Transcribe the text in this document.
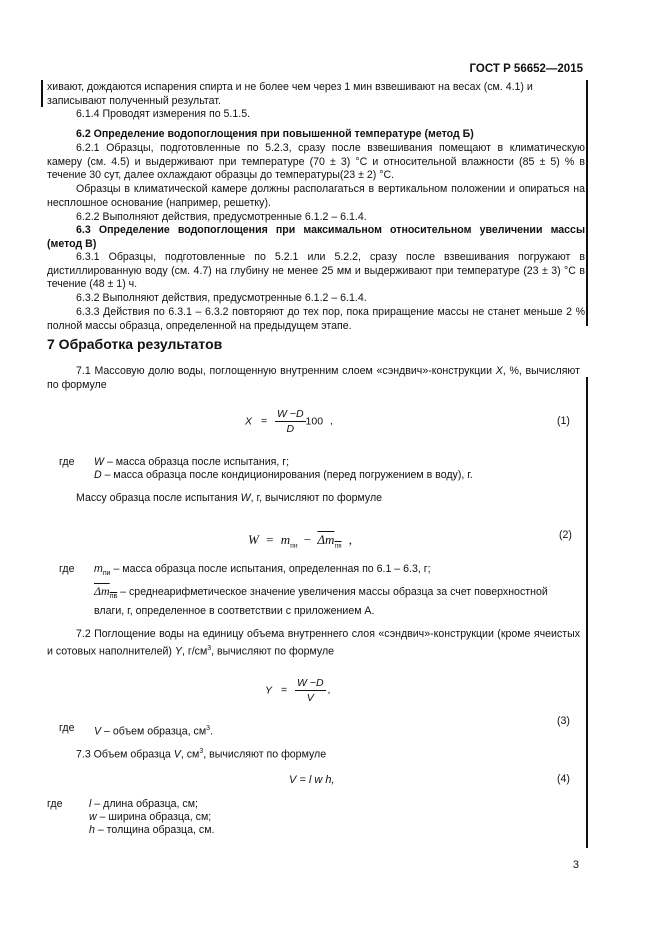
ГОСТ Р 56652—2015
хивают, дождаются испарения спирта и не более чем через 1 мин взвешивают на весах (см. 4.1) и
записывают полученный результат.
6.1.4 Проводят измерения по 5.1.5.
6.2 Определение водопоглощения при повышенной температуре (метод Б)
6.2.1 Образцы, подготовленные по 5.2.3, сразу после взвешивания помещают в климатическую камеру (см. 4.5) и выдерживают при температуре (70 ± 3) °С и относительной влажности (85 ± 5) % в течение 30 сут, далее охлаждают образцы до температуры(23 ± 2) °С.
Образцы в климатической камере должны располагаться в вертикальном положении и опираться на несплошное основание (например, решетку).
6.2.2 Выполняют действия, предусмотренные 6.1.2 – 6.1.4.
6.3 Определение водопоглощения при максимальном относительном увеличении массы (метод В)
6.3.1 Образцы, подготовленные по 5.2.1 или 5.2.2, сразу после взвешивания погружают в дистиллированную воду (см. 4.7) на глубину не менее 25 мм и выдерживают при температуре (23 ± 3) °С в течение (48 ± 1) ч.
6.3.2 Выполняют действия, предусмотренные 6.1.2 – 6.1.4.
6.3.3 Действия по 6.3.1 – 6.3.2 повторяют до тех пор, пока приращение массы не станет меньше 2 % полной массы образца, определенной на предыдущем этапе.
7 Обработка результатов
7.1 Массовую долю воды, поглощенную внутренним слоем «сэндвич»-конструкции X, %, вычисляют по формуле
$X = \frac{W -D}{D} 100$ ,	(1)
где W – масса образца после испытания, г;
D – масса образца после кондиционирования (перед погружением в воду), г.
Массу образца после испытания W, г, вычисляют по формуле
$W = m_{пи} - \overline{\Delta m}_{пв}$ ,	(2)
где $m_{пи}$ – масса образца после испытания, определенная по 6.1 – 6.3, г;
$\overline{\Delta m}_{пв}$ – среднеарифметическое значение увеличения массы образца за счет поверхностной влаги, г, определенное в соответствии с приложением А.
7.2 Поглощение воды на единицу объема внутреннего слоя «сэндвич»-конструкции (кроме ячеистых и сотовых наполнителей) Y, $г/см^3$, вычисляют по формуле
$Y = \frac{W -D}{V}$ ,
(3)
где V – объем образца, $см^3$.
7.3 Объем образца V, $см^3$, вычисляют по формуле
V = l w h,	(4)
где	l – длина образца, см;
w – ширина образца, см;
h – толщина образца, см.
3
